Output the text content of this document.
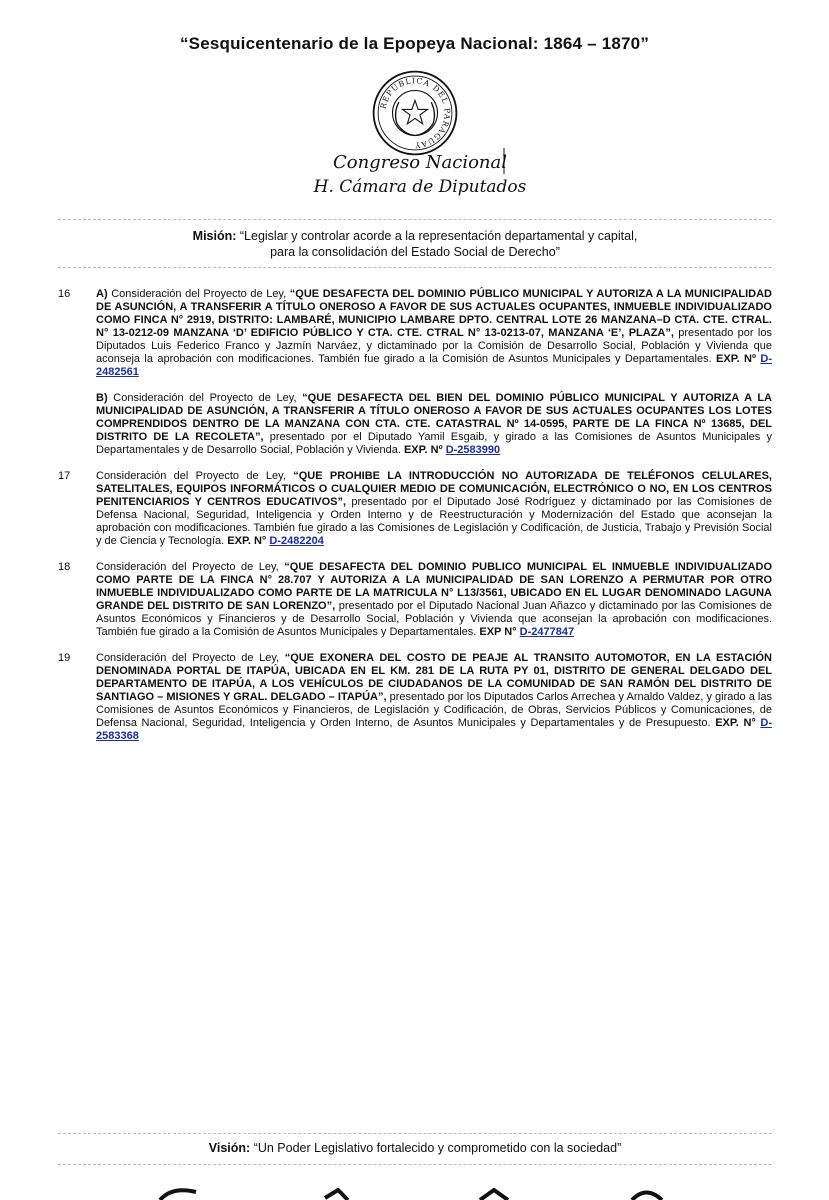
“Sesquicentenario de la Epopeya Nacional: 1864 – 1870”
REPUBLICA DEL PARAGUAY
Congreso Nacional
H. Cámara de Diputados
Misión: “Legislar y controlar acorde a la representación departamental y capital,
para la consolidación del Estado Social de Derecho”
16	A) Consideración del Proyecto de Ley, “QUE DESAFECTA DEL DOMINIO PÚBLICO MUNICIPAL Y AUTORIZA A LA MUNICIPALIDAD DE ASUNCIÓN, A TRANSFERIR A TÍTULO ONEROSO A FAVOR DE SUS ACTUALES OCUPANTES, INMUEBLE INDIVIDUALIZADO COMO FINCA N° 2919, DISTRITO: LAMBARÉ, MUNICIPIO LAMBARE DPTO. CENTRAL LOTE 26 MANZANA–D CTA. CTE. CTRAL. N° 13-0212-09 MANZANA ‘D’ EDIFICIO PÚBLICO Y CTA. CTE. CTRAL N° 13-0213-07, MANZANA ‘E’, PLAZA”, presentado por los Diputados Luis Federico Franco y Jazmín Narváez, y dictaminado por la Comisión de Desarrollo Social, Población y Vivienda que aconseja la aprobación con modificaciones. También fue girado a la Comisión de Asuntos Municipales y Departamentales. EXP. Nº D-2482561

B) Consideración del Proyecto de Ley, “QUE DESAFECTA DEL BIEN DEL DOMINIO PÚBLICO MUNICIPAL Y AUTORIZA A LA MUNICIPALIDAD DE ASUNCIÓN, A TRANSFERIR A TÍTULO ONEROSO A FAVOR DE SUS ACTUALES OCUPANTES LOS LOTES COMPRENDIDOS DENTRO DE LA MANZANA CON CTA. CTE. CATASTRAL Nº 14-0595, PARTE DE LA FINCA Nº 13685, DEL DISTRITO DE LA RECOLETA”, presentado por el Diputado Yamil Esgaib, y girado a las Comisiones de Asuntos Municipales y Departamentales y de Desarrollo Social, Población y Vivienda. EXP. Nº D-2583990

17	Consideración del Proyecto de Ley, “QUE PROHIBE LA INTRODUCCIÓN NO AUTORIZADA DE TELÉFONOS CELULARES, SATELITALES, EQUIPOS INFORMÁTICOS O CUALQUIER MEDIO DE COMUNICACIÓN, ELECTRÓNICO O NO, EN LOS CENTROS PENITENCIARIOS Y CENTROS EDUCATIVOS”, presentado por el Diputado José Rodríguez y dictaminado por las Comisiones de Defensa Nacional, Seguridad, Inteligencia y Orden Interno y de Reestructuración y Modernización del Estado que aconsejan la aprobación con modificaciones. También fue girado a las Comisiones de Legislación y Codificación, de Justicia, Trabajo y Previsión Social y de Ciencia y Tecnología. EXP. N° D-2482204

18	Consideración del Proyecto de Ley, “QUE DESAFECTA DEL DOMINIO PUBLICO MUNICIPAL EL INMUEBLE INDIVIDUALIZADO COMO PARTE DE LA FINCA N° 28.707 Y AUTORIZA A LA MUNICIPALIDAD DE SAN LORENZO A PERMUTAR POR OTRO INMUEBLE INDIVIDUALIZADO COMO PARTE DE LA MATRICULA N° L13/3561, UBICADO EN EL LUGAR DENOMINADO LAGUNA GRANDE DEL DISTRITO DE SAN LORENZO”, presentado por el Diputado Nacional Juan Añazco y dictaminado por las Comisiones de Asuntos Económicos y Financieros y de Desarrollo Social, Población y Vivienda que aconsejan la aprobación con modificaciones. También fue girado a la Comisión de Asuntos Municipales y Departamentales. EXP N° D-2477847

19	Consideración del Proyecto de Ley, “QUE EXONERA DEL COSTO DE PEAJE AL TRANSITO AUTOMOTOR, EN LA ESTACIÓN DENOMINADA PORTAL DE ITAPÚA, UBICADA EN EL KM. 281 DE LA RUTA PY 01, DISTRITO DE GENERAL DELGADO DEL DEPARTAMENTO DE ITAPÚA, A LOS VEHÍCULOS DE CIUDADANOS DE LA COMUNIDAD DE SAN RAMÓN DEL DISTRITO DE SANTIAGO – MISIONES Y GRAL. DELGADO – ITAPÚA”, presentado por los Diputados Carlos Arrechea y Arnaldo Valdez, y girado a las Comisiones de Asuntos Económicos y Financieros, de Legislación y Codificación, de Obras, Servicios Públicos y Comunicaciones, de Defensa Nacional, Seguridad, Inteligencia y Orden Interno, de Asuntos Municipales y Departamentales y de Presupuesto. EXP. N° D-2583368

Visión: “Un Poder Legislativo fortalecido y comprometido con la sociedad”
